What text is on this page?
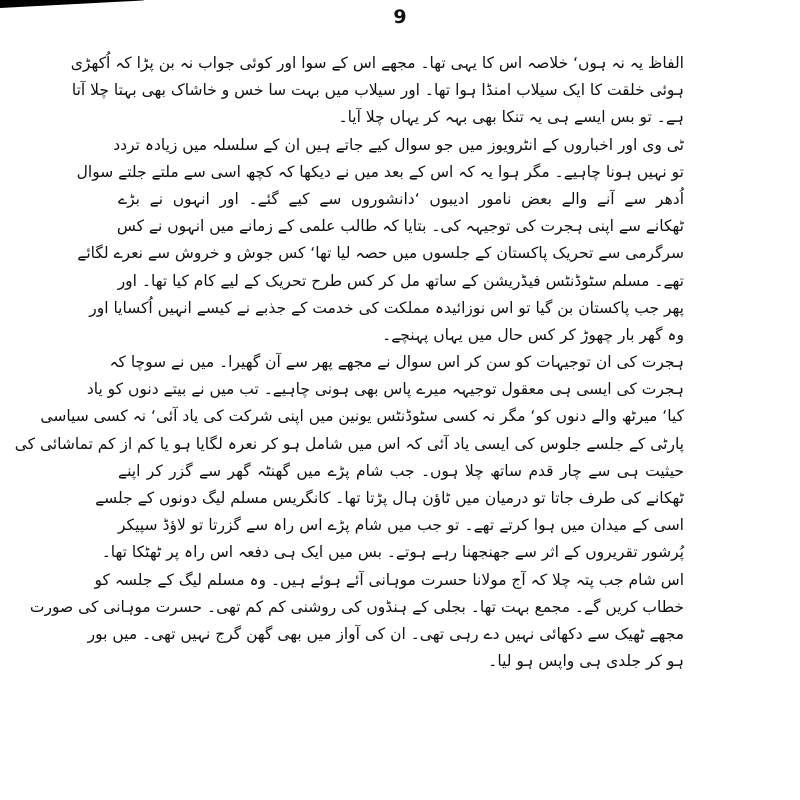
9
الفاظ یہ نہ ہوں‘ خلاصہ اس کا یہی تھا۔ مجھے اس کے سوا اور کوئی جواب نہ بن پڑا کہ اُکھڑی
ہوئی خلقت کا ایک سیلاب امنڈا ہوا تھا۔ اور سیلاب میں بہت سا خس و خاشاک بھی بہتا چلا آتا
ہے۔ تو بس ایسے ہی یہ تنکا بھی بہہ کر یہاں چلا آیا۔
ٹی وی اور اخباروں کے انٹرویوز میں جو سوال کیے جاتے ہیں ان کے سلسلہ میں زیادہ تردد
تو نہیں ہونا چاہیے۔ مگر ہوا یہ کہ اس کے بعد میں نے دیکھا کہ کچھ اسی سے ملتے جلتے سوال
اُدھر سے آنے والے بعض نامور ادیبوں ‘دانشوروں سے کیے گئے۔ اور انہوں نے بڑے
ٹھکانے سے اپنی ہجرت کی توجیہہ کی۔ بتایا کہ طالب علمی کے زمانے میں انہوں نے کس
سرگرمی سے تحریک پاکستان کے جلسوں میں حصہ لیا تھا‘ کس جوش و خروش سے نعرے لگائے
تھے۔ مسلم سٹوڈنٹس فیڈریشن کے ساتھ مل کر کس طرح تحریک کے لیے کام کیا تھا۔ اور
پھر جب پاکستان بن گیا تو اس نوزائیدہ مملکت کی خدمت کے جذبے نے کیسے انہیں اُکسایا اور
وہ گھر بار چھوڑ کر کس حال میں یہاں پہنچے۔
ہجرت کی ان توجیہات کو سن کر اس سوال نے مجھے پھر سے آن گھیرا۔ میں نے سوچا کہ
ہجرت کی ایسی ہی معقول توجیہہ میرے پاس بھی ہونی چاہیے۔ تب میں نے بیتے دنوں کو یاد
کیا‘ میرٹھ والے دنوں کو‘ مگر نہ کسی سٹوڈنٹس یونین میں اپنی شرکت کی یاد آئی‘ نہ کسی سیاسی
پارٹی کے جلسے جلوس کی ایسی یاد آئی کہ اس میں شامل ہو کر نعرہ لگایا ہو یا کم از کم تماشائی کی
حیثیت ہی سے چار قدم ساتھ چلا ہوں۔ جب شام پڑے میں گھنٹہ گھر سے گزر کر اپنے
ٹھکانے کی طرف جاتا تو درمیان میں ٹاؤن ہال پڑتا تھا۔ کانگریس مسلم لیگ دونوں کے جلسے
اسی کے میدان میں ہوا کرتے تھے۔ تو جب میں شام پڑے اس راہ سے گزرتا تو لاؤڈ سپیکر
پُرشور تقریروں کے اثر سے جھنجھنا رہے ہوتے۔ بس میں ایک ہی دفعہ اس راہ پر ٹھٹکا تھا۔
اس شام جب پتہ چلا کہ آج مولانا حسرت موہانی آئے ہوئے ہیں۔ وہ مسلم لیگ کے جلسہ کو
خطاب کریں گے۔ مجمع بہت تھا۔ بجلی کے ہنڈوں کی روشنی کم کم تھی۔ حسرت موہانی کی صورت
مجھے ٹھیک سے دکھائی نہیں دے رہی تھی۔ ان کی آواز میں بھی گھن گرج نہیں تھی۔ میں بور
ہو کر جلدی ہی واپس ہو لیا۔
